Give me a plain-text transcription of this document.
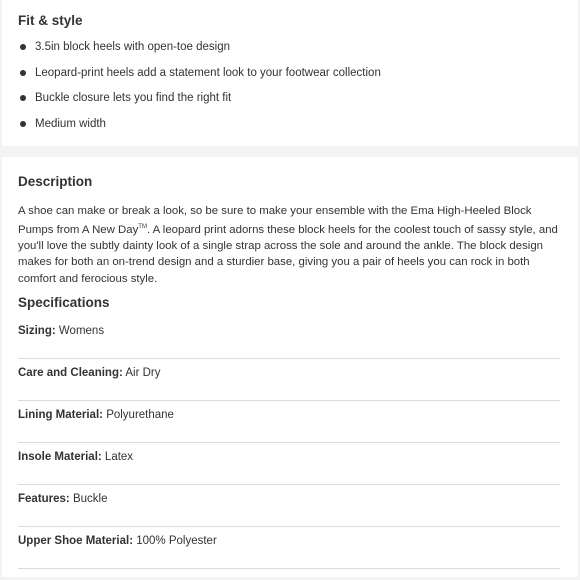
Fit & style
3.5in block heels with open-toe design
Leopard-print heels add a statement look to your footwear collection
Buckle closure lets you find the right fit
Medium width
Description

A shoe can make or break a look, so be sure to make your ensemble with the Ema High-Heeled Block Pumps from A New Day™. A leopard print adorns these block heels for the coolest touch of sassy style, and you'll love the subtly dainty look of a single strap across the sole and around the ankle. The block design makes for both an on-trend design and a sturdier base, giving you a pair of heels you can rock in both comfort and ferocious style.

Specifications
Sizing: Womens
Care and Cleaning: Air Dry
Lining Material: Polyurethane
Insole Material: Latex
Features: Buckle
Upper Shoe Material: 100% Polyester
